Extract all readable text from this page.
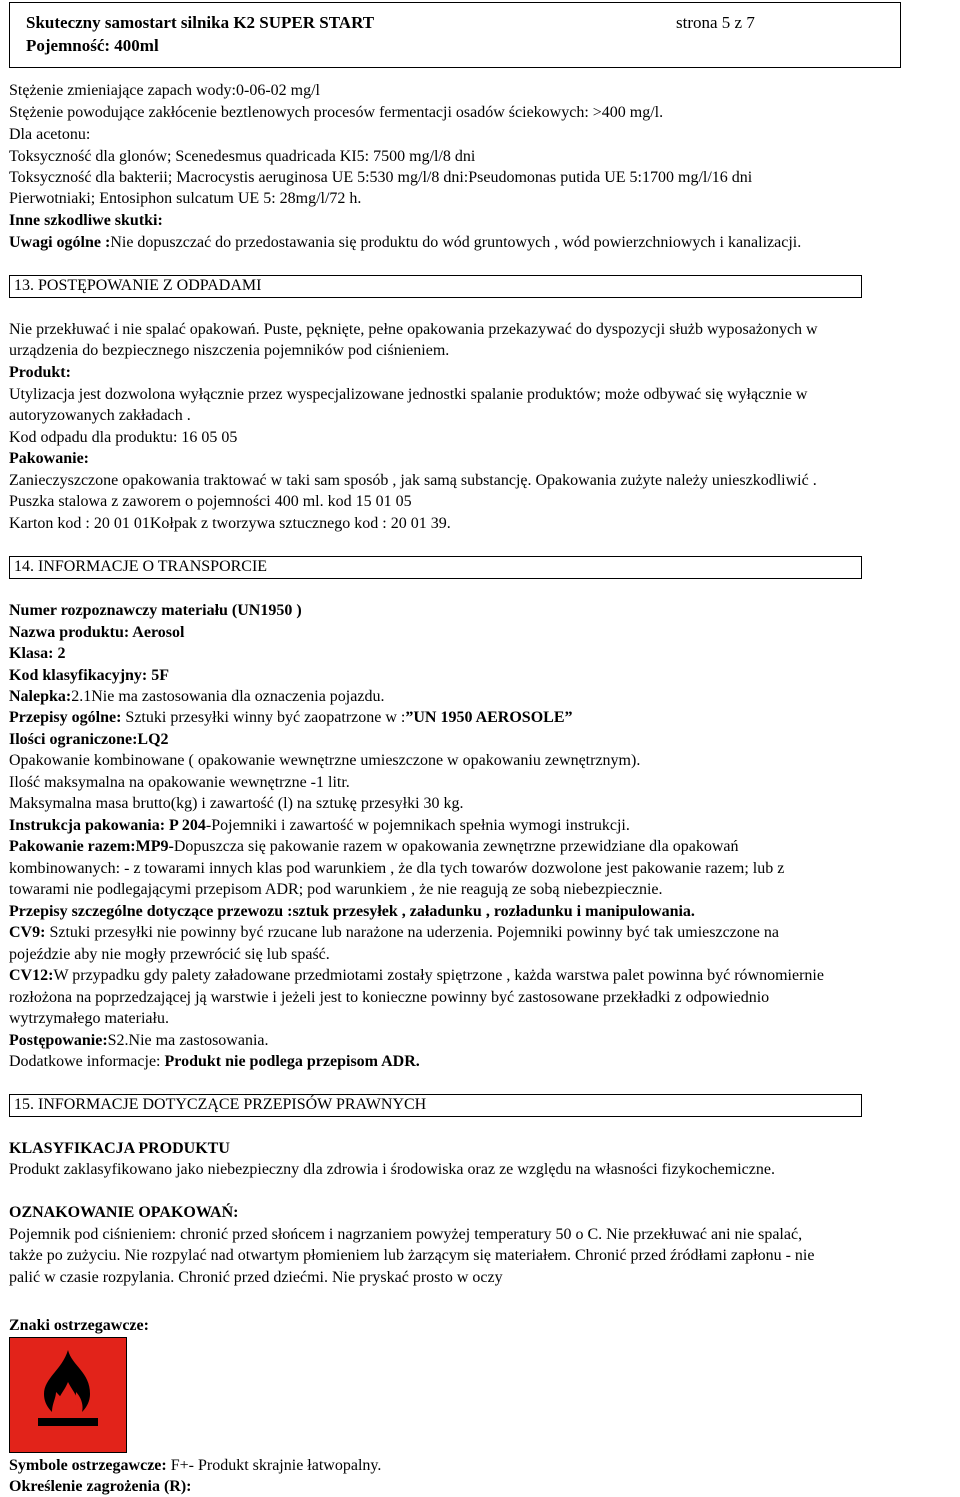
Skuteczny samostart silnika K2 SUPER START
Pojemność: 400ml
strona 5 z 7
Stężenie zmieniające zapach wody:0-06-02 mg/l
Stężenie powodujące zakłócenie beztlenowych procesów fermentacji osadów ściekowych: >400 mg/l.
Dla acetonu:
Toksyczność dla glonów; Scenedesmus quadricada KI5: 7500 mg/l/8 dni
Toksyczność dla bakterii; Macrocystis aeruginosa UE 5:530 mg/l/8 dni:Pseudomonas putida UE 5:1700 mg/l/16 dni
Pierwotniaki; Entosiphon sulcatum UE 5: 28mg/l/72 h.
Inne szkodliwe skutki:
Uwagi ogólne :Nie dopuszczać do przedostawania się produktu do wód gruntowych , wód powierzchniowych i kanalizacji.
13. POSTĘPOWANIE Z ODPADAMI
Nie przekłuwać i nie spalać opakowań. Puste, pęknięte, pełne opakowania przekazywać do dyspozycji służb wyposażonych w
urządzenia do bezpiecznego niszczenia pojemników pod ciśnieniem.
Produkt:
Utylizacja jest dozwolona wyłącznie przez wyspecjalizowane jednostki spalanie produktów; może odbywać się wyłącznie w
autoryzowanych zakładach .
Kod odpadu dla produktu: 16 05 05
Pakowanie:
Zanieczyszczone opakowania traktować w taki sam sposób , jak samą substancję. Opakowania zużyte należy unieszkodliwić .
Puszka stalowa z zaworem o pojemności 400 ml. kod 15 01 05
Karton kod : 20 01 01Kołpak z tworzywa sztucznego kod : 20 01 39.
14. INFORMACJE O TRANSPORCIE
Numer rozpoznawczy materiału (UN1950 )
Nazwa produktu: Aerosol
Klasa: 2
Kod klasyfikacyjny: 5F
Nalepka:2.1Nie ma zastosowania dla oznaczenia pojazdu.
Przepisy ogólne: Sztuki przesyłki winny być zaopatrzone w :”UN 1950 AEROSOLE”
Ilości ograniczone:LQ2
Opakowanie kombinowane ( opakowanie wewnętrzne umieszczone w opakowaniu zewnętrznym).
Ilość maksymalna na opakowanie wewnętrzne -1 litr.
Maksymalna masa brutto(kg) i zawartość (l) na sztukę przesyłki 30 kg.
Instrukcja pakowania: P 204-Pojemniki i zawartość w pojemnikach spełnia wymogi instrukcji.
Pakowanie razem:MP9-Dopuszcza się pakowanie razem w opakowania zewnętrzne przewidziane dla opakowań
kombinowanych: - z towarami innych klas pod warunkiem , że dla tych towarów dozwolone jest pakowanie razem; lub z
towarami nie podlegającymi przepisom ADR; pod warunkiem , że nie reagują ze sobą niebezpiecznie.
Przepisy szczególne dotyczące przewozu :sztuk przesyłek , załadunku , rozładunku i manipulowania.
CV9: Sztuki przesyłki nie powinny być rzucane lub narażone na uderzenia. Pojemniki powinny być tak umieszczone na
pojeździe aby nie mogły przewrócić się lub spaść.
CV12:W przypadku gdy palety załadowane przedmiotami zostały spiętrzone , każda warstwa palet powinna być równomiernie
rozłożona na poprzedzającej ją warstwie i jeżeli jest to konieczne powinny być zastosowane przekładki z odpowiednio
wytrzymałego materiału.
Postępowanie:S2.Nie ma zastosowania.
Dodatkowe informacje: Produkt nie podlega przepisom ADR.
15. INFORMACJE DOTYCZĄCE PRZEPISÓW PRAWNYCH
KLASYFIKACJA PRODUKTU
Produkt zaklasyfikowano jako niebezpieczny dla zdrowia i środowiska oraz ze względu na własności fizykochemiczne.
OZNAKOWANIE OPAKOWAŃ:
Pojemnik pod ciśnieniem: chronić przed słońcem i nagrzaniem powyżej temperatury 50 o C. Nie przekłuwać ani nie spalać,
także po zużyciu. Nie rozpylać nad otwartym płomieniem lub żarzącym się materiałem. Chronić przed źródłami zapłonu - nie
palić w czasie rozpylania. Chronić przed dziećmi. Nie pryskać prosto w oczy
Znaki ostrzegawcze:
Symbole ostrzegawcze: F+- Produkt skrajnie łatwopalny.
Określenie zagrożenia (R):
